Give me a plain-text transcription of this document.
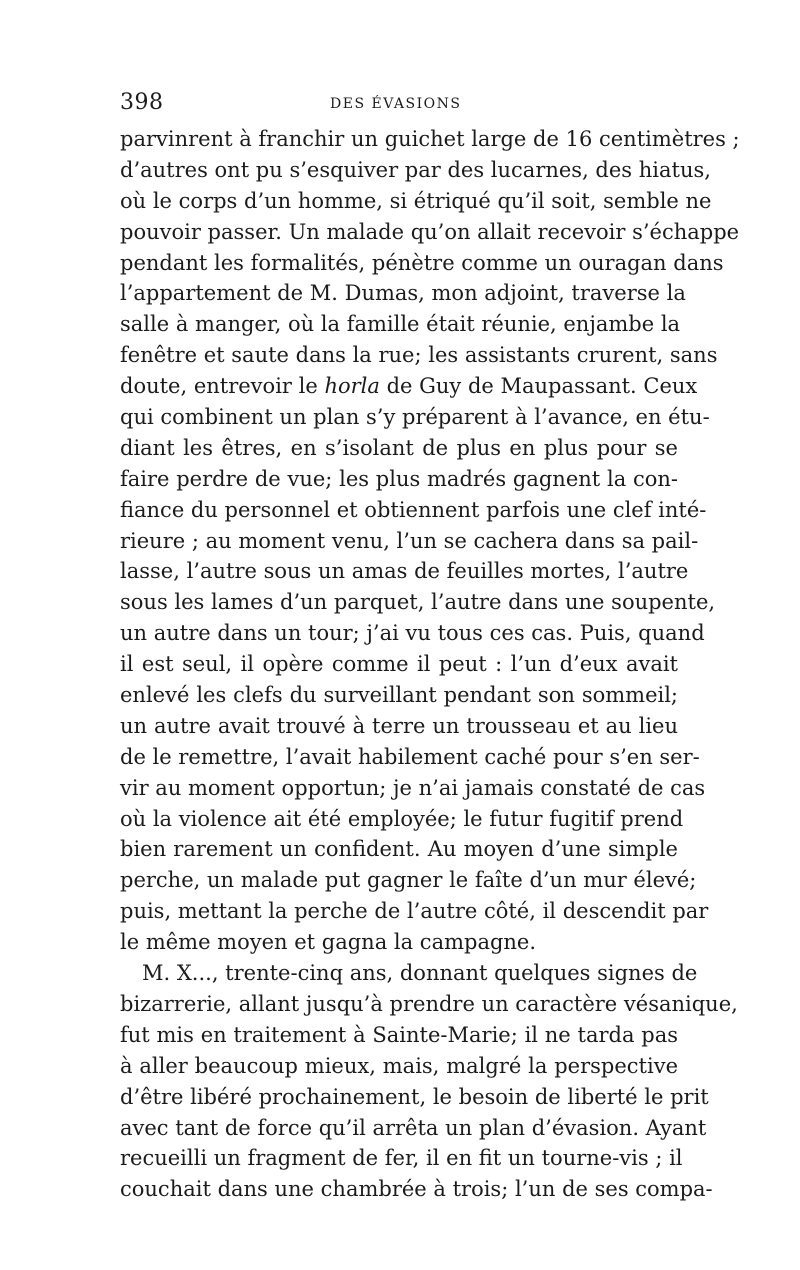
398	DES ÉVASIONS
parvinrent à franchir un guichet large de 16 centimètres ;
d’autres ont pu s’esquiver par des lucarnes, des hiatus,
où le corps d’un homme, si étriqué qu’il soit, semble ne
pouvoir passer. Un malade qu’on allait recevoir s’échappe
pendant les formalités, pénètre comme un ouragan dans
l’appartement de M. Dumas, mon adjoint, traverse la
salle à manger, où la famille était réunie, enjambe la
fenêtre et saute dans la rue; les assistants crurent, sans
doute, entrevoir le horla de Guy de Maupassant. Ceux
qui combinent un plan s’y préparent à l’avance, en étu-
diant les êtres, en s’isolant de plus en plus pour se
faire perdre de vue; les plus madrés gagnent la con-
fiance du personnel et obtiennent parfois une clef inté-
rieure ; au moment venu, l’un se cachera dans sa pail-
lasse, l’autre sous un amas de feuilles mortes, l’autre
sous les lames d’un parquet, l’autre dans une soupente,
un autre dans un tour; j’ai vu tous ces cas. Puis, quand
il est seul, il opère comme il peut : l’un d’eux avait
enlevé les clefs du surveillant pendant son sommeil;
un autre avait trouvé à terre un trousseau et au lieu
de le remettre, l’avait habilement caché pour s’en ser-
vir au moment opportun; je n’ai jamais constaté de cas
où la violence ait été employée; le futur fugitif prend
bien rarement un confident. Au moyen d’une simple
perche, un malade put gagner le faîte d’un mur élevé;
puis, mettant la perche de l’autre côté, il descendit par
le même moyen et gagna la campagne.
M. X..., trente-cinq ans, donnant quelques signes de
bizarrerie, allant jusqu’à prendre un caractère vésanique,
fut mis en traitement à Sainte-Marie; il ne tarda pas
à aller beaucoup mieux, mais, malgré la perspective
d’être libéré prochainement, le besoin de liberté le prit
avec tant de force qu’il arrêta un plan d’évasion. Ayant
recueilli un fragment de fer, il en fit un tourne-vis ; il
couchait dans une chambrée à trois; l’un de ses compa-
